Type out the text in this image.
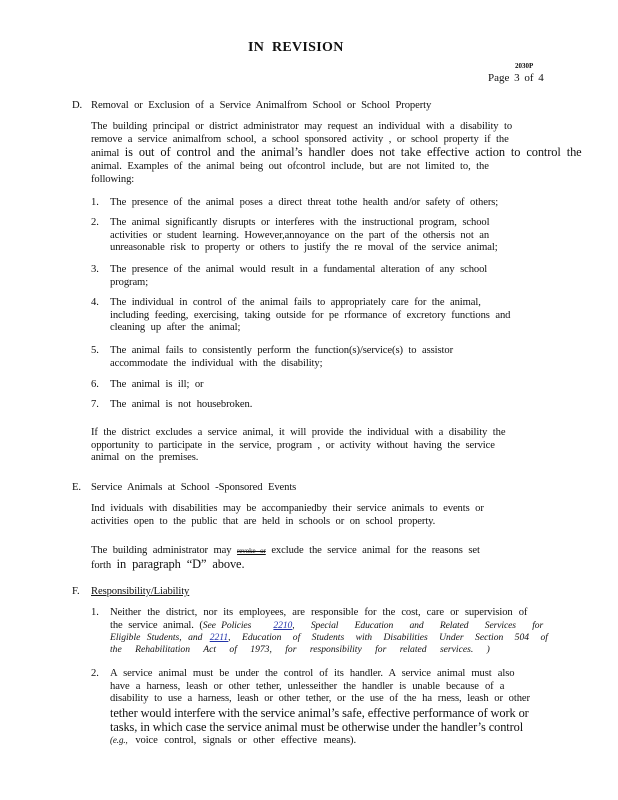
IN REVISION
2030P
Page 3 of 4
D. Removal or Exclusion of a Service Animalfrom School or School Property
The building principal or district administrator may request an individual with a disability to
remove a service animalfrom school, a school sponsored activity , or school property if the
animal is out of control and the animal’s handler does not take effective action to control the
animal. Examples of the animal being out ofcontrol include, but are not limited to, the
following:
1. The presence of the animal poses a direct threat tothe health and/or safety of others;
2. The animal significantly disrupts or interferes with the instructional program, school
activities or student learning. However,annoyance on the part of the othersis not an
unreasonable risk to property or others to justify the re moval of the service animal;
3. The presence of the animal would result in a fundamental alteration of any school
program;
4. The individual in control of the animal fails to appropriately care for the animal,
including feeding, exercising, taking outside for pe rformance of excretory functions and
cleaning up after the animal;
5. The animal fails to consistently perform the function(s)/service(s) to assistor
accommodate the individual with the disability;
6. The animal is ill; or
7. The animal is not housebroken.
If the district excludes a service animal, it will provide the individual with a disability the
opportunity to participate in the service, program , or activity without having the service
animal on the premises.
E. Service Animals at School -Sponsored Events
Ind ividuals with disabilities may be accompaniedby their service animals to events or
activities open to the public that are held in schools or on school property.
The building administrator may revoke or exclude the service animal for the reasons set
forth in paragraph “D” above.
F. Responsibility/Liability
1. Neither the district, nor its employees, are responsible for the cost, care or supervision of
the service animal. (See Policies 2210, Special Education and Related Services for
Eligible Students, and 2211, Education of Students with Disabilities Under Section 504 of
the Rehabilitation Act of 1973, for responsibility for related services. )
2. A service animal must be under the control of its handler. A service animal must also
have a harness, leash or other tether, unlesseither the handler is unable because of a
disability to use a harness, leash or other tether, or the use of the ha rness, leash or other
tether would interfere with the service animal’s safe, effective performance of work or
tasks, in which case the service animal must be otherwise under the handler’s control
(e.g., voice control, signals or other effective means).
